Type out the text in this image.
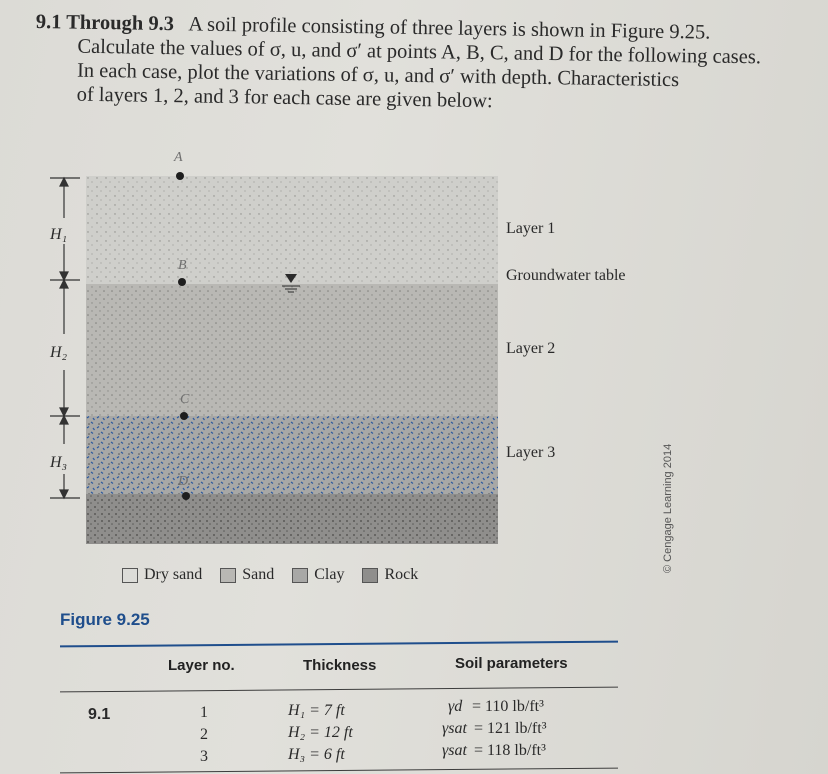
9.1 Through 9.3 A soil profile consisting of three layers is shown in Figure 9.25.
Calculate the values of σ, u, and σ′ at points A, B, C, and D for the following cases.
In each case, plot the variations of σ, u, and σ′ with depth. Characteristics
of layers 1, 2, and 3 for each case are given below:
H₁
H₂
H₃
A
B
C
D
Layer 1
Groundwater table
Layer 2
Layer 3
Dry sand	Sand	Clay	Rock
© Cengage Learning 2014
Figure 9.25
Layer no.	Thickness	Soil parameters
9.1	1	H₁ = 7 ft	γd = 110 lb/ft³
2	H₂ = 12 ft	γsat = 121 lb/ft³
3	H₃ = 6 ft	γsat = 118 lb/ft³
